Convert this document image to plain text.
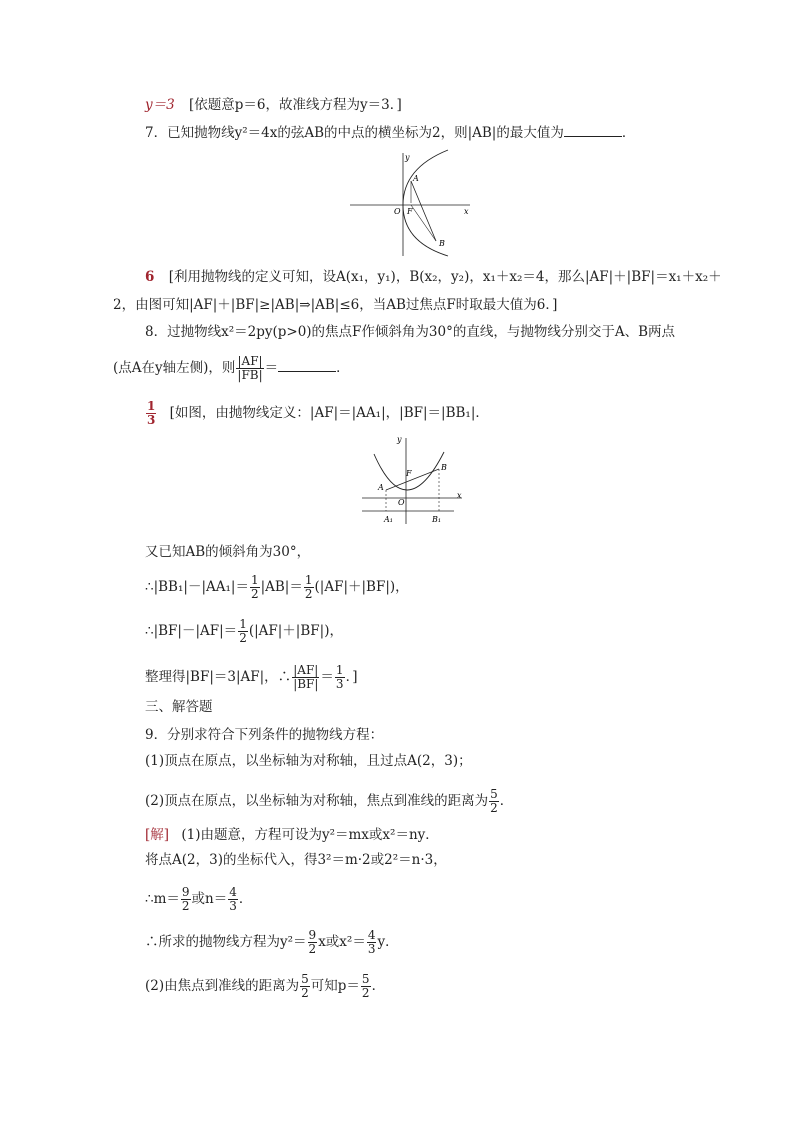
y＝3 [依题意p＝6，故准线方程为y＝3．]
7．已知抛物线y²＝4x的弦AB的中点的横坐标为2，则|AB|的最大值为	．
y
x
O F
A
B
6 [利用抛物线的定义可知，设A(x₁，y₁)，B(x₂，y₂)，x₁＋x₂＝4，那么|AF|＋|BF|＝x₁＋x₂＋
2，由图可知|AF|＋|BF|≥|AB|⇒|AB|≤6，当AB过焦点F时取最大值为6．]
8．过抛物线x²＝2py(p>0)的焦点F作倾斜角为30°的直线，与抛物线分别交于A、B两点
(点A在y轴左侧)，则 $\frac{|AF|}{|FB|}$ ＝	．
$\frac{1}{3}$ [如图，由抛物线定义：|AF|＝|AA₁|，|BF|＝|BB₁|．
y
x
O
F
A
B
A₁	B₁
又已知AB的倾斜角为30°，
∴|BB₁|－|AA₁|＝ $\frac{1}{2} |AB|= \frac{1}{2} (|AF|+|BF|)$，
∴|BF|－|AF|＝ $\frac{1}{2} (|AF|+|BF|)$，
整理得|BF|＝3|AF|，∴ $\frac{|AF|}{|BF|} = \frac{1}{3}$ ．]
三、解答题
9．分别求符合下列条件的抛物线方程：
(1)顶点在原点，以坐标轴为对称轴，且过点A(2，3)；
(2)顶点在原点，以坐标轴为对称轴，焦点到准线的距离为 $\frac{5}{2}$ ．
[解] (1)由题意，方程可设为y²＝mx或x²＝ny．
将点A(2，3)的坐标代入，得3²＝m·2或2²＝n·3，
∴m＝ $\frac{9}{2}$ 或$n= \frac{4}{3}$ ．
∴所求的抛物线方程为$y^2= \frac{9}{2}$ x或$x^2= \frac{4}{3}$ y．
(2)由焦点到准线的距离为 $\frac{5}{2}$ 可知$p= \frac{5}{2}$ ．
